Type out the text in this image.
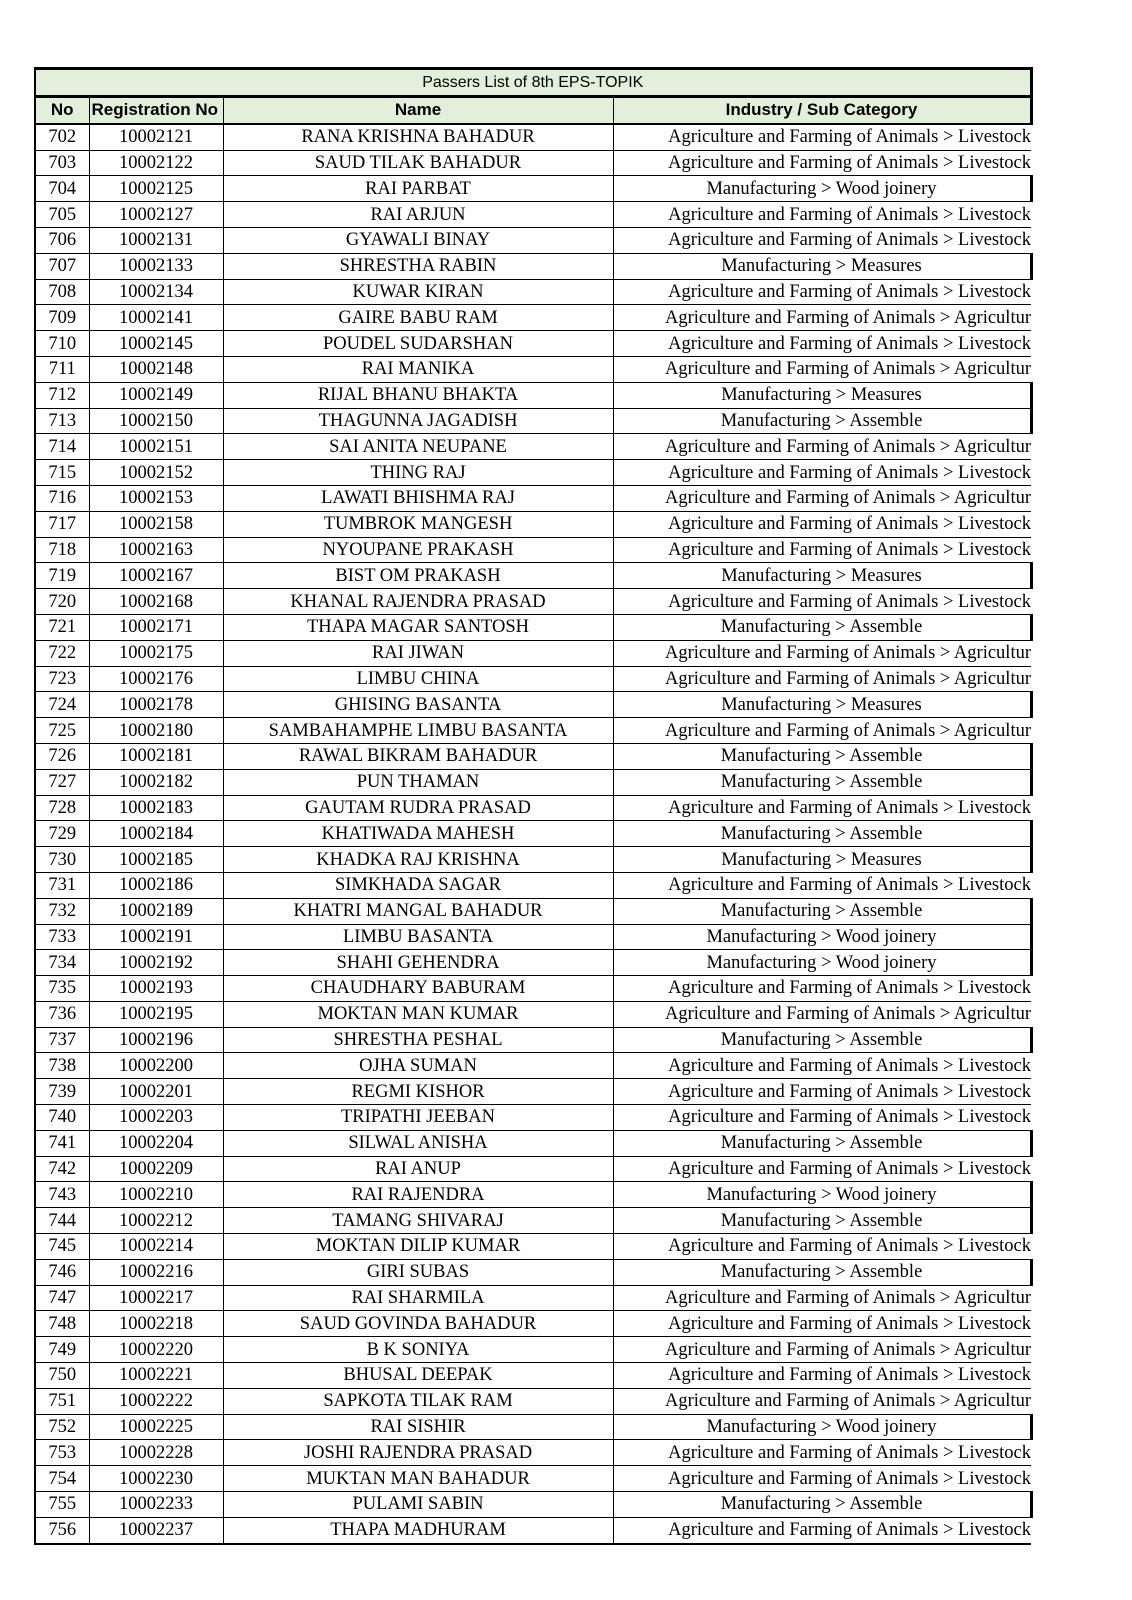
Passers List of 8th EPS-TOPIK			
No	Registration No	Name	Industry / Sub Category
702	10002121	RANA KRISHNA BAHADUR	Agriculture and Farming of Animals > Livestock
703	10002122	SAUD TILAK BAHADUR	Agriculture and Farming of Animals > Livestock
704	10002125	RAI PARBAT	Manufacturing > Wood joinery
705	10002127	RAI ARJUN	Agriculture and Farming of Animals > Livestock
706	10002131	GYAWALI BINAY	Agriculture and Farming of Animals > Livestock
707	10002133	SHRESTHA RABIN	Manufacturing > Measures
708	10002134	KUWAR KIRAN	Agriculture and Farming of Animals > Livestock
709	10002141	GAIRE BABU RAM	Agriculture and Farming of Animals > Agricultur
710	10002145	POUDEL SUDARSHAN	Agriculture and Farming of Animals > Livestock
711	10002148	RAI MANIKA	Agriculture and Farming of Animals > Agricultur
712	10002149	RIJAL BHANU BHAKTA	Manufacturing > Measures
713	10002150	THAGUNNA JAGADISH	Manufacturing > Assemble
714	10002151	SAI ANITA NEUPANE	Agriculture and Farming of Animals > Agricultur
715	10002152	THING RAJ	Agriculture and Farming of Animals > Livestock
716	10002153	LAWATI BHISHMA RAJ	Agriculture and Farming of Animals > Agricultur
717	10002158	TUMBROK MANGESH	Agriculture and Farming of Animals > Livestock
718	10002163	NYOUPANE PRAKASH	Agriculture and Farming of Animals > Livestock
719	10002167	BIST OM PRAKASH	Manufacturing > Measures
720	10002168	KHANAL RAJENDRA PRASAD	Agriculture and Farming of Animals > Livestock
721	10002171	THAPA MAGAR SANTOSH	Manufacturing > Assemble
722	10002175	RAI JIWAN	Agriculture and Farming of Animals > Agricultur
723	10002176	LIMBU CHINA	Agriculture and Farming of Animals > Agricultur
724	10002178	GHISING BASANTA	Manufacturing > Measures
725	10002180	SAMBAHAMPHE LIMBU BASANTA	Agriculture and Farming of Animals > Agricultur
726	10002181	RAWAL BIKRAM BAHADUR	Manufacturing > Assemble
727	10002182	PUN THAMAN	Manufacturing > Assemble
728	10002183	GAUTAM RUDRA PRASAD	Agriculture and Farming of Animals > Livestock
729	10002184	KHATIWADA MAHESH	Manufacturing > Assemble
730	10002185	KHADKA RAJ KRISHNA	Manufacturing > Measures
731	10002186	SIMKHADA SAGAR	Agriculture and Farming of Animals > Livestock
732	10002189	KHATRI MANGAL BAHADUR	Manufacturing > Assemble
733	10002191	LIMBU BASANTA	Manufacturing > Wood joinery
734	10002192	SHAHI GEHENDRA	Manufacturing > Wood joinery
735	10002193	CHAUDHARY BABURAM	Agriculture and Farming of Animals > Livestock
736	10002195	MOKTAN MAN KUMAR	Agriculture and Farming of Animals > Agricultur
737	10002196	SHRESTHA PESHAL	Manufacturing > Assemble
738	10002200	OJHA SUMAN	Agriculture and Farming of Animals > Livestock
739	10002201	REGMI KISHOR	Agriculture and Farming of Animals > Livestock
740	10002203	TRIPATHI JEEBAN	Agriculture and Farming of Animals > Livestock
741	10002204	SILWAL ANISHA	Manufacturing > Assemble
742	10002209	RAI ANUP	Agriculture and Farming of Animals > Livestock
743	10002210	RAI RAJENDRA	Manufacturing > Wood joinery
744	10002212	TAMANG SHIVARAJ	Manufacturing > Assemble
745	10002214	MOKTAN DILIP KUMAR	Agriculture and Farming of Animals > Livestock
746	10002216	GIRI SUBAS	Manufacturing > Assemble
747	10002217	RAI SHARMILA	Agriculture and Farming of Animals > Agricultur
748	10002218	SAUD GOVINDA BAHADUR	Agriculture and Farming of Animals > Livestock
749	10002220	B K SONIYA	Agriculture and Farming of Animals > Agricultur
750	10002221	BHUSAL DEEPAK	Agriculture and Farming of Animals > Livestock
751	10002222	SAPKOTA TILAK RAM	Agriculture and Farming of Animals > Agricultur
752	10002225	RAI SISHIR	Manufacturing > Wood joinery
753	10002228	JOSHI RAJENDRA PRASAD	Agriculture and Farming of Animals > Livestock
754	10002230	MUKTAN MAN BAHADUR	Agriculture and Farming of Animals > Livestock
755	10002233	PULAMI SABIN	Manufacturing > Assemble
756	10002237	THAPA MADHURAM	Agriculture and Farming of Animals > Livestock
